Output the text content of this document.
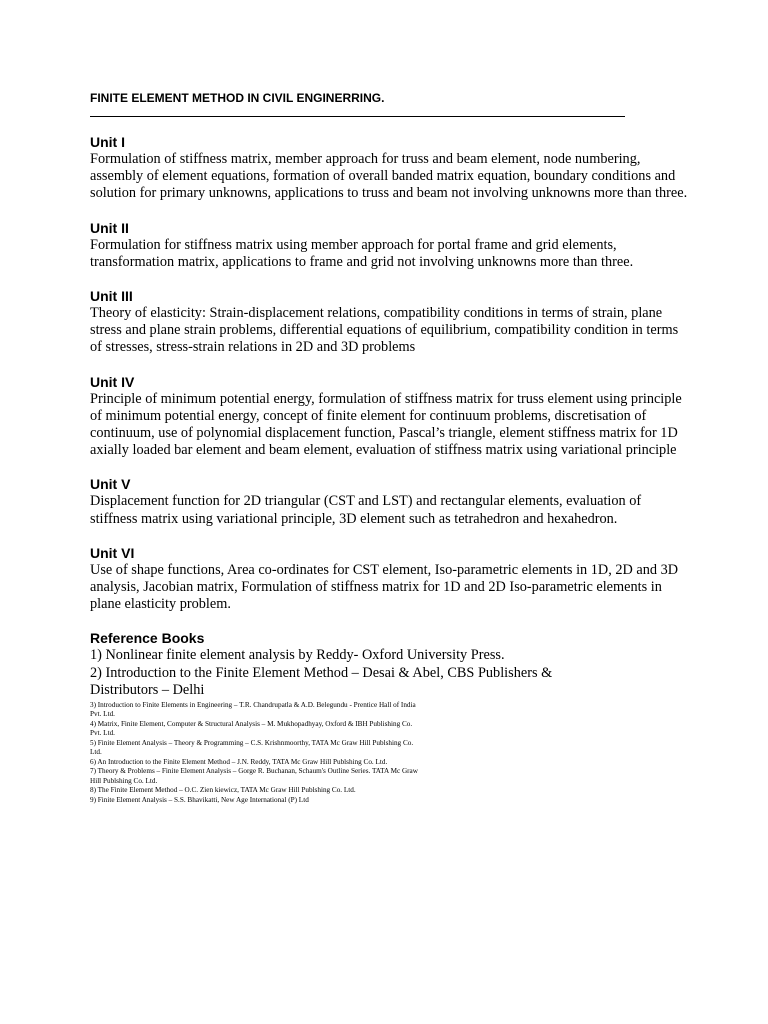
FINITE ELEMENT METHOD IN CIVIL ENGINERRING.

Unit I

Formulation of stiffness matrix, member approach for truss and beam element, node numbering, assembly of element equations, formation of overall banded matrix equation, boundary conditions and solution for primary unknowns, applications to truss and beam not involving unknowns more than three.

Unit II

Formulation for stiffness matrix using member approach for portal frame and grid elements, transformation matrix, applications to frame and grid not involving unknowns more than three.

Unit III

Theory of elasticity: Strain-displacement relations, compatibility conditions in terms of strain, plane stress and plane strain problems, differential equations of equilibrium, compatibility condition in terms of stresses, stress-strain relations in 2D and 3D problems

Unit IV

Principle of minimum potential energy, formulation of stiffness matrix for truss element using principle of minimum potential energy, concept of finite element for continuum problems, discretisation of continuum, use of polynomial displacement function, Pascal’s triangle, element stiffness matrix for 1D axially loaded bar element and beam element, evaluation of stiffness matrix using variational principle

Unit V

Displacement function for 2D triangular (CST and LST) and rectangular elements, evaluation of stiffness matrix using variational principle, 3D element such as tetrahedron and hexahedron.

Unit VI

Use of shape functions, Area co-ordinates for CST element, Iso-parametric elements in 1D, 2D and 3D analysis, Jacobian matrix, Formulation of stiffness matrix for 1D and 2D Iso-parametric elements in plane elasticity problem.

Reference Books

1) Nonlinear finite element analysis by Reddy- Oxford University Press.

2) Introduction to the Finite Element Method – Desai & Abel, CBS Publishers & Distributors – Delhi

3) Introduction to Finite Elements in Engineering – T.R. Chandrupatla & A.D. Belegundu - Prentice Hall of India Pvt. Ltd.

4) Matrix, Finite Element, Computer & Structural Analysis – M. Mukhopadhyay, Oxford & IBH Publishing Co. Pvt. Ltd.

5) Finite Element Analysis – Theory & Programming – C.S. Krishnmoorthy, TATA Mc Graw Hill Publshing Co. Ltd.

6) An Introduction to the Finite Element Method – J.N. Reddy, TATA Mc Graw Hill Publshing Co. Ltd.

7) Theory & Problems – Finite Element Analysis – Gorge R. Buchanan, Schaum's Outline Series. TATA Mc Graw Hill Publshing Co. Ltd.

8) The Finite Element Method – O.C. Zien kiewicz, TATA Mc Graw Hill Publshing Co. Ltd.

9) Finite Element Analysis – S.S. Bhavikatti, New Age International (P) Ltd
